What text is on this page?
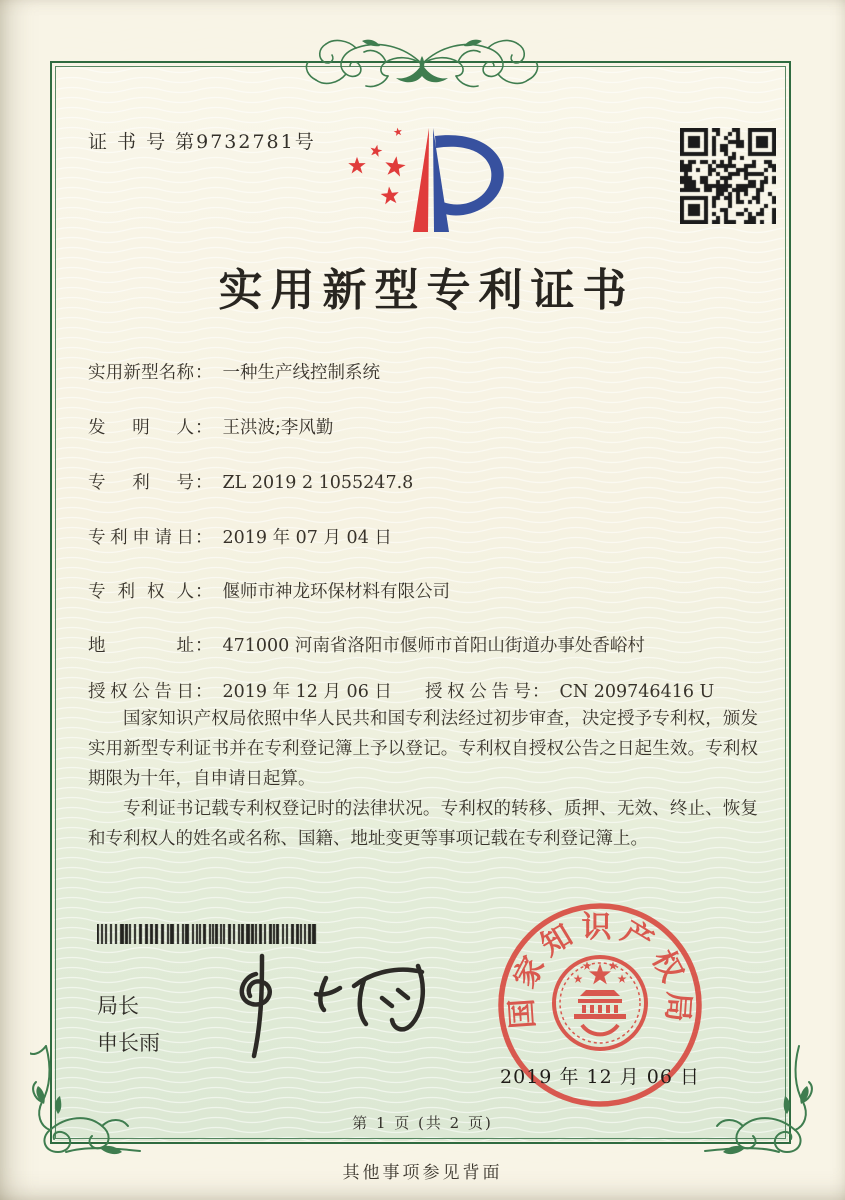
证 书 号 第9732781号
实用新型专利证书
实用新型名称： 一种生产线控制系统
发明人： 王洪波;李风勤
专利号： ZL 2019 2 1055247.8
专利申请日： 2019 年 07 月 04 日
专利权人： 偃师市神龙环保材料有限公司
地址： 471000 河南省洛阳市偃师市首阳山街道办事处香峪村
授权公告日： 2019 年 12 月 06 日 授权公告号： CN 209746416 U

国家知识产权局依照中华人民共和国专利法经过初步审查，决定授予专利权，颁发实用新型专利证书并在专利登记簿上予以登记。专利权自授权公告之日起生效。专利权期限为十年，自申请日起算。

专利证书记载专利权登记时的法律状况。专利权的转移、质押、无效、终止、恢复和专利权人的姓名或名称、国籍、地址变更等事项记载在专利登记簿上。

局长
申长雨
国家知识产权局
2019 年 12 月 06 日
第 1 页 (共 2 页)
其他事项参见背面
